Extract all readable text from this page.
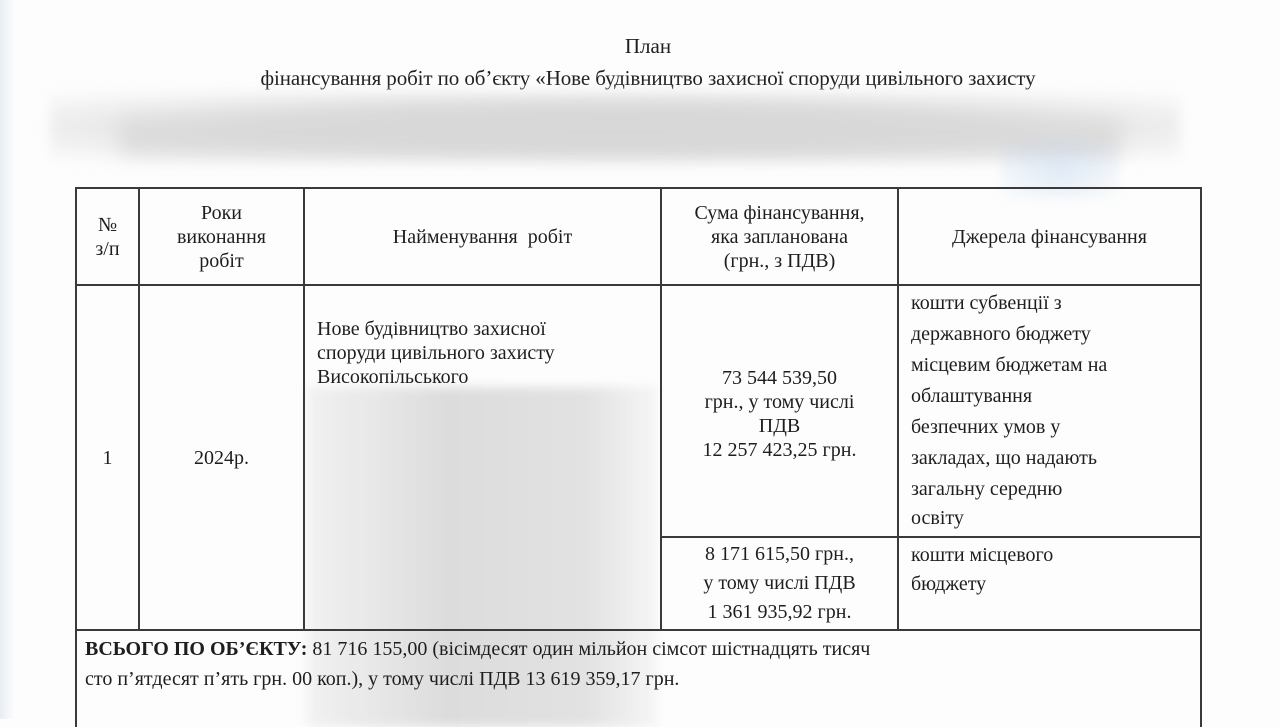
План
фінансування робіт по об’єкту «Нове будівництво захисної споруди цивільного захисту
№
з/п
Роки
виконання
робіт
Найменування  робіт
Сума фінансування,
яка запланована
(грн., з ПДВ)
Джерела фінансування
1	2024р.
Нове будівництво захисної
споруди цивільного захисту
Високопільського	73 544 539,50
грн., у тому числі
ПДВ
12 257 423,25 грн.
кошти субвенції з
державного бюджету
місцевим бюджетам на
облаштування
безпечних умов у
закладах, що надають
загальну середню
освіту
8 171 615,50 грн.,
у тому числі ПДВ
1 361 935,92 грн.
кошти місцевого
бюджету
ВСЬОГО ПО ОБ’ЄКТУ: 81 716 155,00 (вісімдесят один мільйон сімсот шістнадцять тисяч
сто п’ятдесят п’ять грн. 00 коп.), у тому числі ПДВ 13 619 359,17 грн.
